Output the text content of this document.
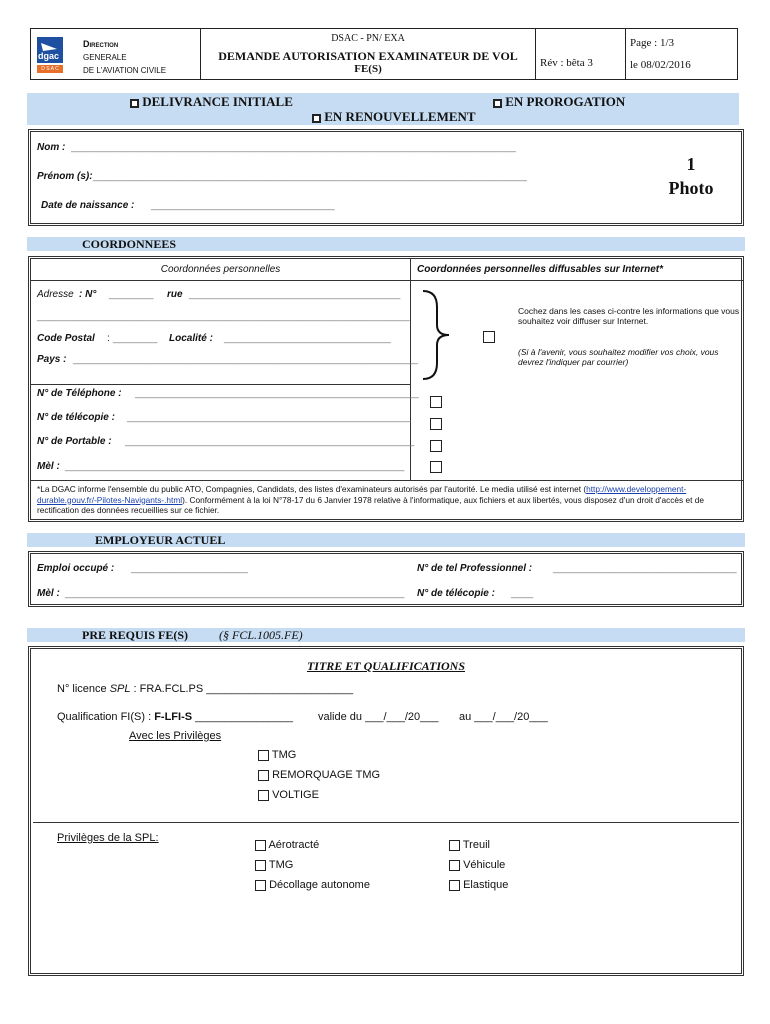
dgac
D S A C
Direction
GENERALE
DE L'AVIATION CIVILE
DSAC - PN/ EXA
DEMANDE AUTORISATION EXAMINATEUR DE VOL
FE(S)	Rév : bêta 3
Page : 1/3
le 08/02/2016
DELIVRANCE INITIALE	EN PROROGATION
EN RENOUVELLEMENT
Nom : ________________________________________________________________________________
Prénom (s): ______________________________________________________________________________
Date de naissance : _________________________________
1
Photo
COORDONNEES
Coordonnées personnelles	Coordonnées personnelles diffusables sur Internet*
Adresse : N° ________ rue ______________________________________
___________________________________________________________________
Code Postal : ________ Localité : ______________________________
Pays : ______________________________________________________________
Cochez dans les cases ci-contre les informations que vous souhaitez voir diffuser sur Internet.
(Si à l'avenir, vous souhaitez modifier vos choix, vous devrez l'indiquer par courrier)
N° de Téléphone : ___________________________________________________
N° de télécopie : ___________________________________________________
N° de Portable : ____________________________________________________
Mèl : _____________________________________________________________
*La DGAC informe l'ensemble du public ATO, Compagnies, Candidats, des listes d'examinateurs autorisés par l'autorité. Le media utilisé est internet (http://www.developpement-durable.gouv.fr/-Pilotes-Navigants-.html). Conformément à la loi N°78-17 du 6 Janvier 1978 relative à l'informatique, aux fichiers et aux libertés, vous disposez d'un droit d'accès et de rectification des données recueillies sur ce fichier.
EMPLOYEUR ACTUEL
Emploi occupé : _____________________	N° de tel Professionnel : _________________________________
Mèl : _____________________________________________________________ N° de télécopie : ____
PRE REQUIS FE(S)	(§ FCL.1005.FE)
TITRE ET QUALIFICATIONS
N° licence SPL : FRA.FCL.PS ________________________
Qualification FI(S) : F-LFI-S ________________ valide du ___/___/20___ au ___/___/20___
Avec les Privilèges
TMG
REMORQUAGE TMG
VOLTIGE
Privilèges de la SPL:
Aérotracté
TMG
Décollage autonome
Treuil
Véhicule
Elastique
